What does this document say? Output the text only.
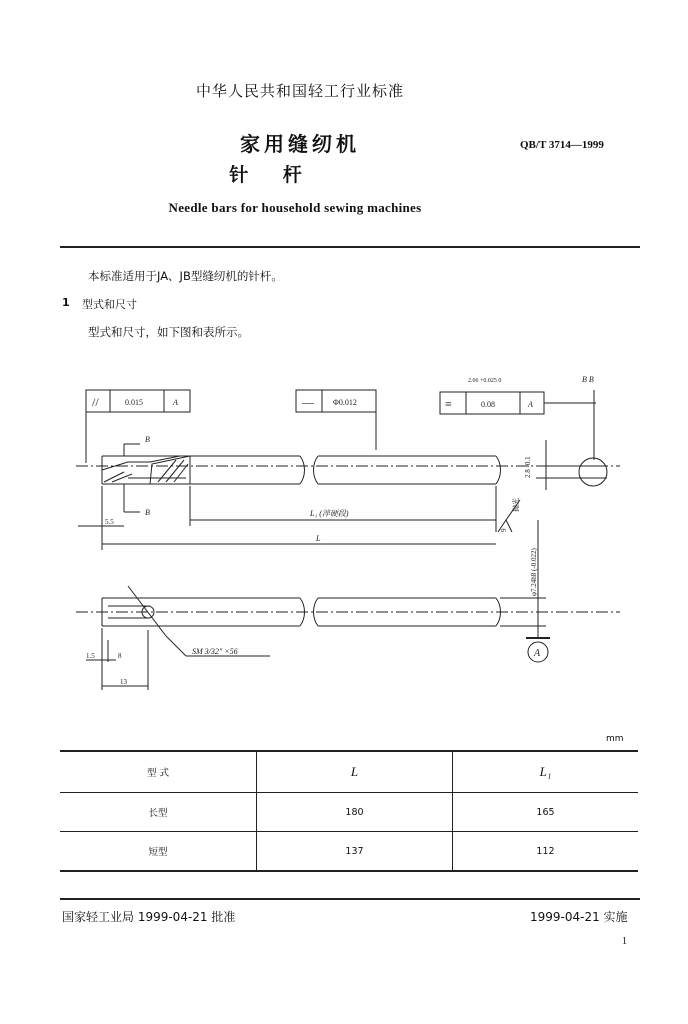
中华人民共和国轻工行业标准
家用缝纫机
针 杆
QB/T 3714—1999
Needle bars for household sewing machines
本标准适用于JA、JB型缝纫机的针杆。
1 型式和尺寸
型式和尺寸，如下图和表所示。
//	0.015	A	— Φ0.012	≡	0.08	A
2.06 +0.025 0	B B
B
B
2.8 -0.1
5.5
L₁ (淬硬段)
L
抛光
9
φ7.24h8 (-0.022)
1.5	8
13
SM 3/32" ×56	A
mm
型 式	L	L₁
长型	180	165
短型	137	112
国家轻工业局 1999-04-21 批准	1999-04-21 实施
1
